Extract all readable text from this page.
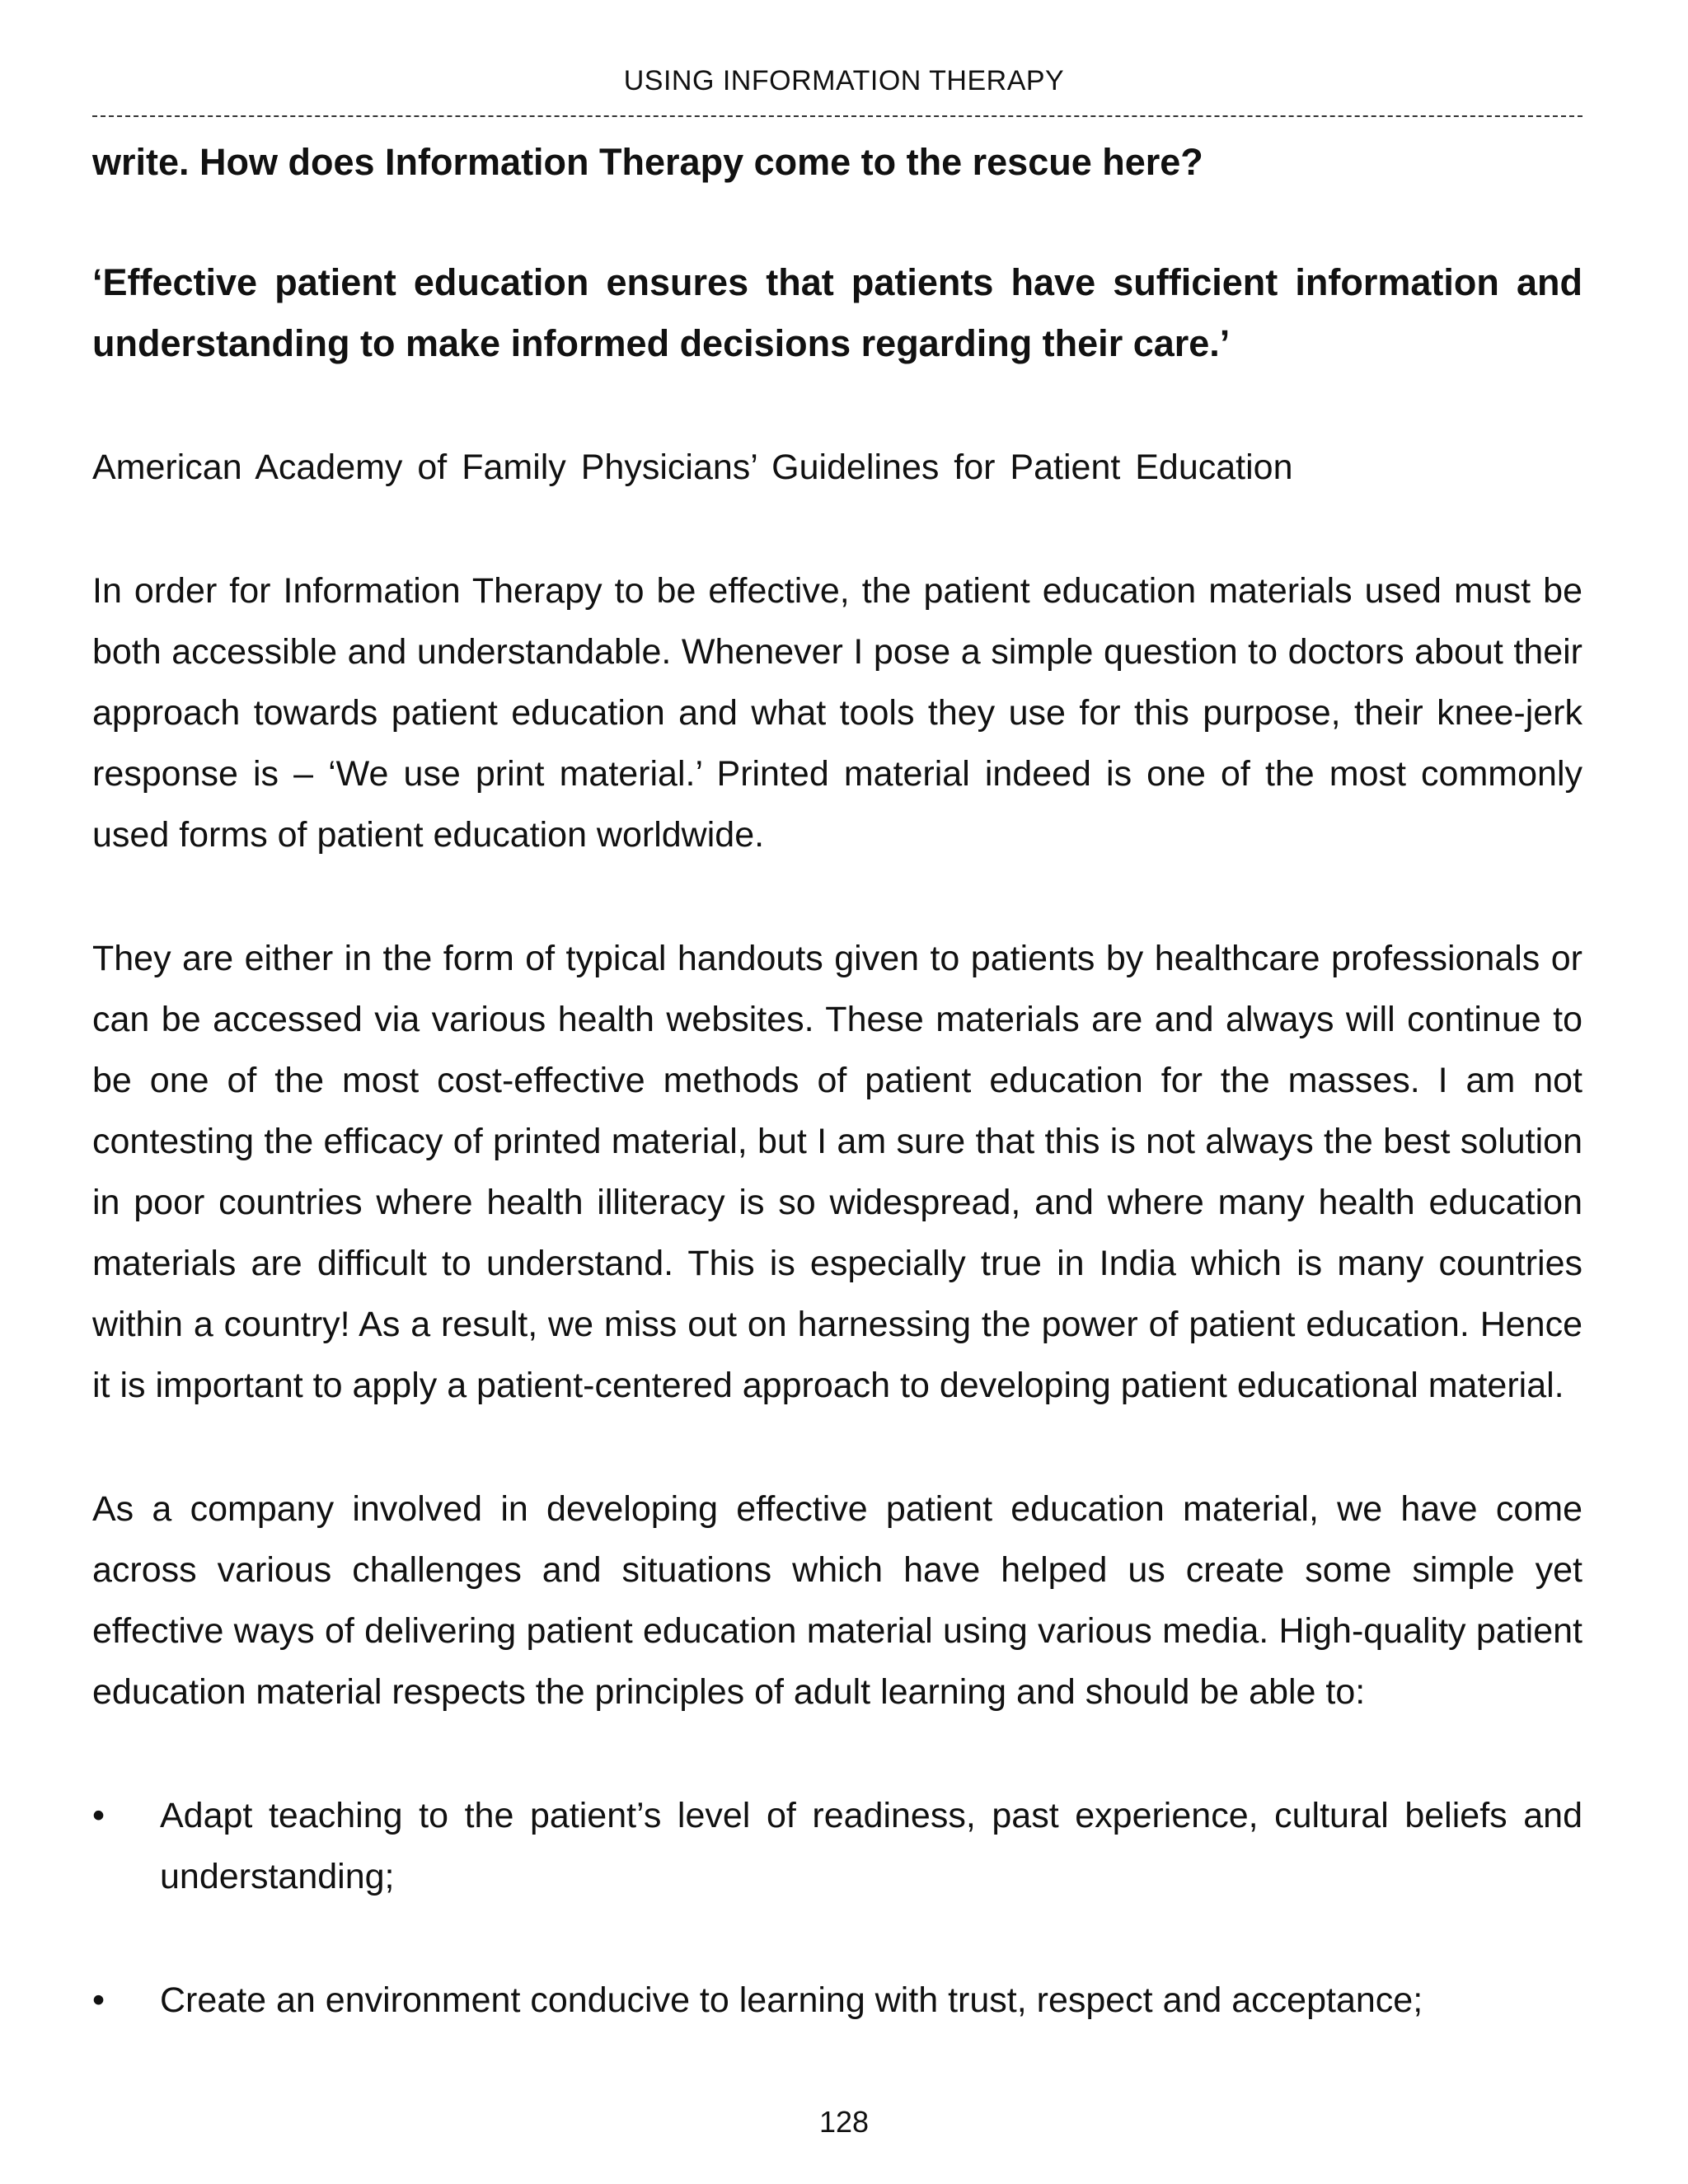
USING INFORMATION THERAPY

write. How does Information Therapy come to the rescue here?

‘Effective patient education ensures that patients have sufficient information and understanding to make informed decisions regarding their care.’

American Academy of Family Physicians’ Guidelines for Patient Education

In order for Information Therapy to be effective, the patient education materials used must be both accessible and understandable. Whenever I pose a simple question to doctors about their approach towards patient education and what tools they use for this purpose, their knee-jerk response is – ‘We use print material.’ Printed material indeed is one of the most commonly used forms of patient education worldwide.

They are either in the form of typical handouts given to patients by healthcare professionals or can be accessed via various health websites. These materials are and always will continue to be one of the most cost-effective methods of patient education for the masses. I am not contesting the efficacy of printed material, but I am sure that this is not always the best solution in poor countries where health illiteracy is so widespread, and where many health education materials are difficult to understand. This is especially true in India which is many countries within a country! As a result, we miss out on harnessing the power of patient education. Hence it is important to apply a patient-centered approach to developing patient educational material.

As a company involved in developing effective patient education material, we have come across various challenges and situations which have helped us create some simple yet effective ways of delivering patient education material using various media. High-quality patient education material respects the principles of adult learning and should be able to:

•	Adapt teaching to the patient’s level of readiness, past experience, cultural beliefs and understanding;
•	Create an environment conducive to learning with trust, respect and acceptance;
128
